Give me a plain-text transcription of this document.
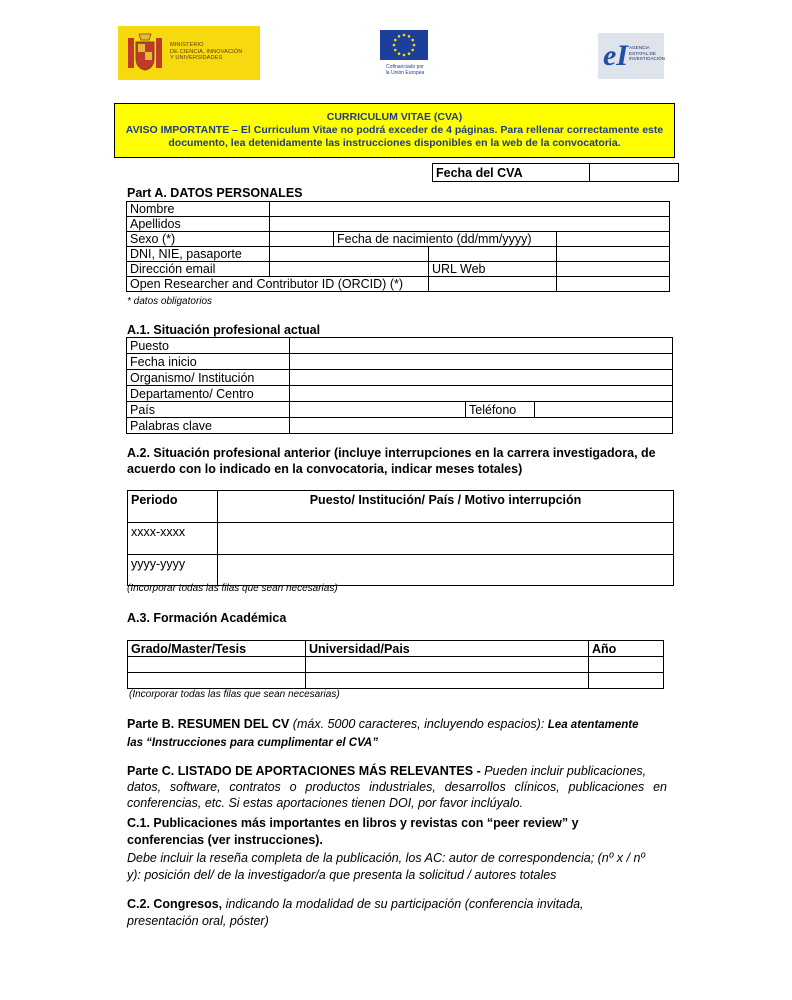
MINISTERIO
DE CIENCIA, INNOVACIÓN
Y UNIVERSIDADES
Cofinanciado por
la Unión Europea
eI AGENCIA
ESTATAL DE
INVESTIGACIÓN
CURRICULUM VITAE (CVA)
AVISO IMPORTANTE – El Curriculum Vitae no podrá exceder de 4 páginas. Para rellenar correctamente este
documento, lea detenidamente las instrucciones disponibles en la web de la convocatoria.
Fecha del CVA	
Part A. DATOS PERSONALES
Nombre				
Apellidos				
Sexo (*)		Fecha de nacimiento (dd/mm/yyyy)		
DNI, NIE, pasaporte				
Dirección email			URL Web	
Open Researcher and Contributor ID (ORCID) (*)				
* datos obligatorios
A.1. Situación profesional actual
Puesto			
Fecha inicio			
Organismo/ Institución			
Departamento/ Centro			
País		Teléfono	
Palabras clave			
A.2. Situación profesional anterior (incluye interrupciones en la carrera investigadora, de
acuerdo con lo indicado en la convocatoria, indicar meses totales)
Periodo	Puesto/ Institución/ País / Motivo interrupción
xxxx-xxxx	
yyyy-yyyy	
(Incorporar todas las filas que sean necesarias)
A.3. Formación Académica
Grado/Master/Tesis	Universidad/Pais	Año

(Incorporar todas las filas que sean necesarias)
Parte B. RESUMEN DEL CV (máx. 5000 caracteres, incluyendo espacios): Lea atentamente
las “Instrucciones para cumplimentar el CVA”
Parte C. LISTADO DE APORTACIONES MÁS RELEVANTES - Pueden incluir publicaciones,
datos, software, contratos o productos industriales, desarrollos clínicos, publicaciones en
conferencias, etc. Si estas aportaciones tienen DOI, por favor inclúyalo.
C.1. Publicaciones más importantes en libros y revistas con “peer review” y
conferencias (ver instrucciones).
Debe incluir la reseña completa de la publicación, los AC: autor de correspondencia; (nº x / nº
y): posición del/ de la investigador/a que presenta la solicitud / autores totales
C.2. Congresos, indicando la modalidad de su participación (conferencia invitada,
presentación oral, póster)
